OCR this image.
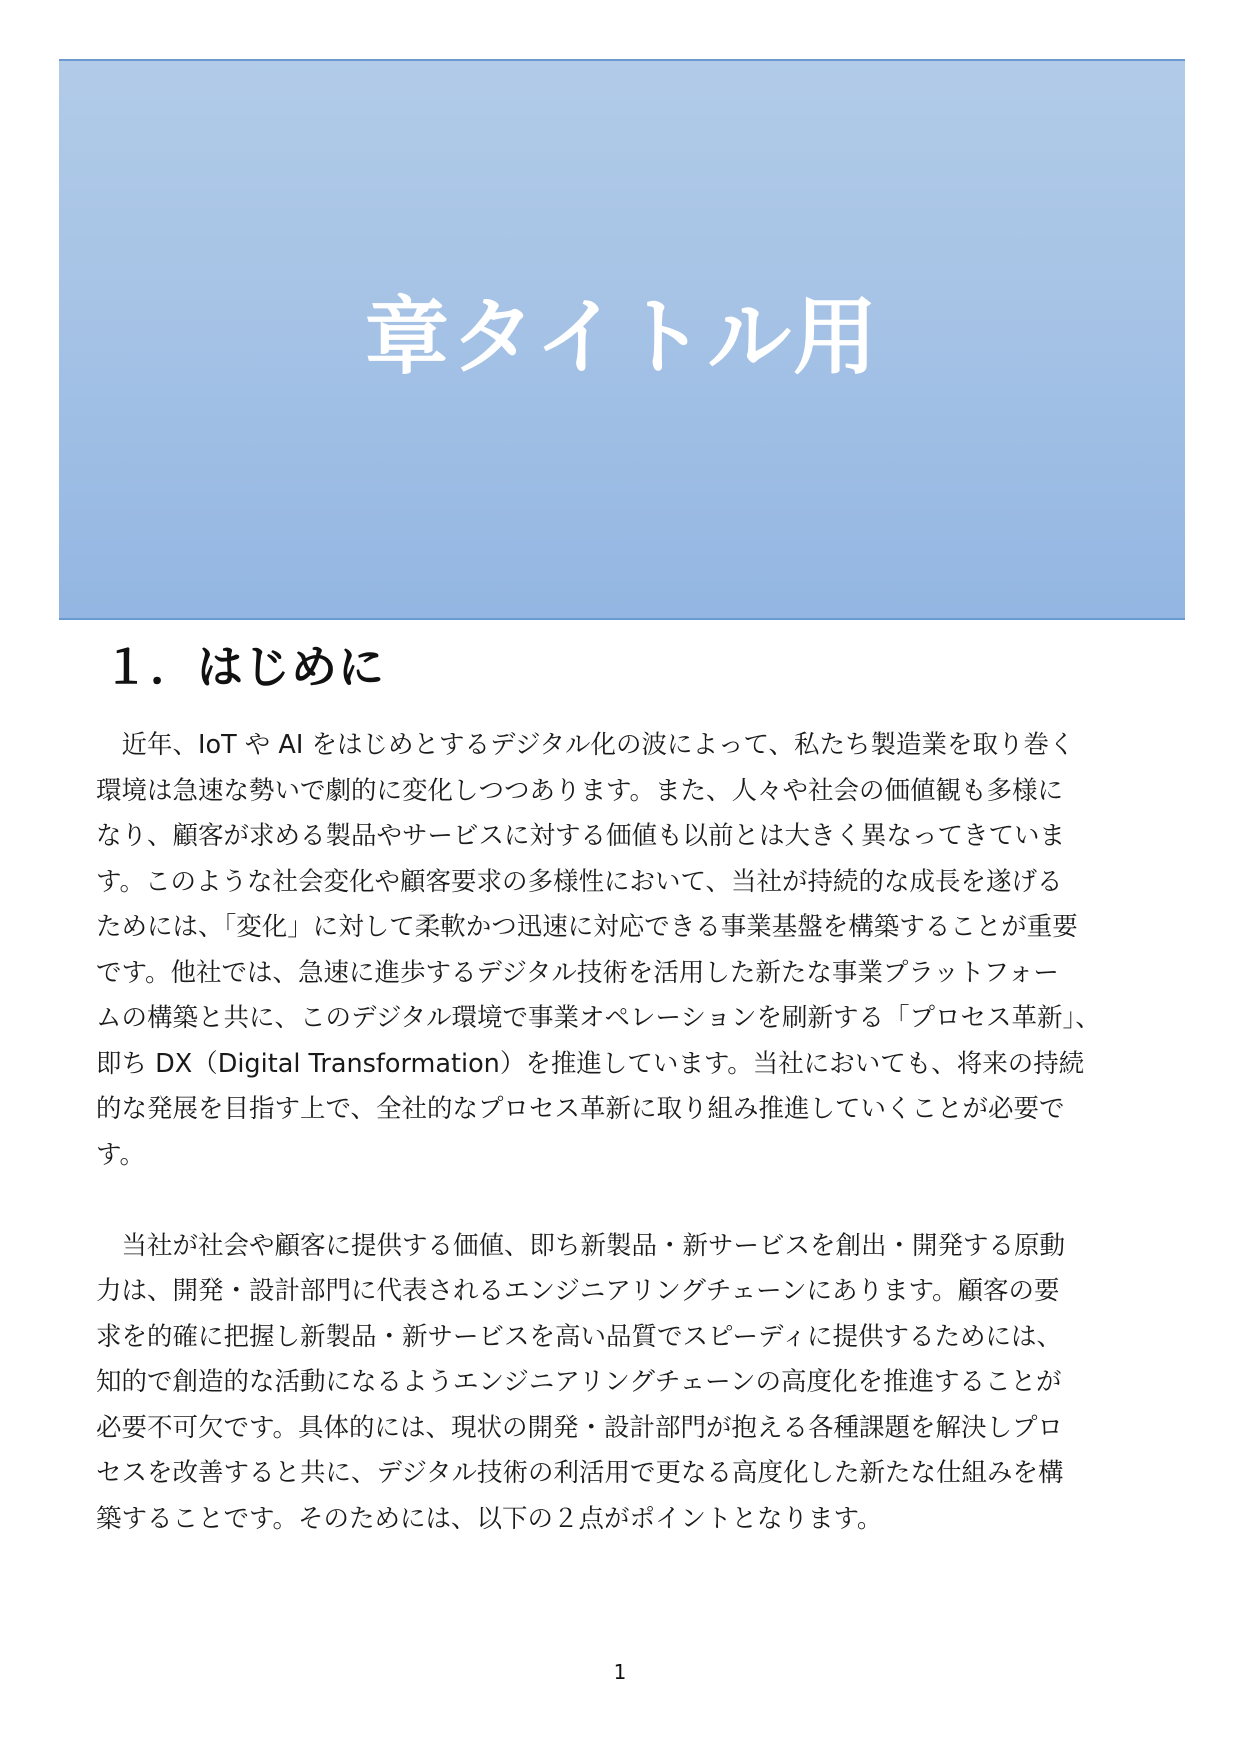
章タイトル用
１．はじめに

　近年、IoT や AI をはじめとするデジタル化の波によって、私たち製造業を取り巻く
環境は急速な勢いで劇的に変化しつつあります。また、人々や社会の価値観も多様に
なり、顧客が求める製品やサービスに対する価値も以前とは大きく異なってきていま
す。このような社会変化や顧客要求の多様性において、当社が持続的な成長を遂げる
ためには、「変化」に対して柔軟かつ迅速に対応できる事業基盤を構築することが重要
です。他社では、急速に進歩するデジタル技術を活用した新たな事業プラットフォー
ムの構築と共に、このデジタル環境で事業オペレーションを刷新する「プロセス革新」、
即ち DX（Digital Transformation）を推進しています。当社においても、将来の持続
的な発展を目指す上で、全社的なプロセス革新に取り組み推進していくことが必要で
す。

　当社が社会や顧客に提供する価値、即ち新製品・新サービスを創出・開発する原動
力は、開発・設計部門に代表されるエンジニアリングチェーンにあります。顧客の要
求を的確に把握し新製品・新サービスを高い品質でスピーディに提供するためには、
知的で創造的な活動になるようエンジニアリングチェーンの高度化を推進することが
必要不可欠です。具体的には、現状の開発・設計部門が抱える各種課題を解決しプロ
セスを改善すると共に、デジタル技術の利活用で更なる高度化した新たな仕組みを構
築することです。そのためには、以下の２点がポイントとなります。

1
